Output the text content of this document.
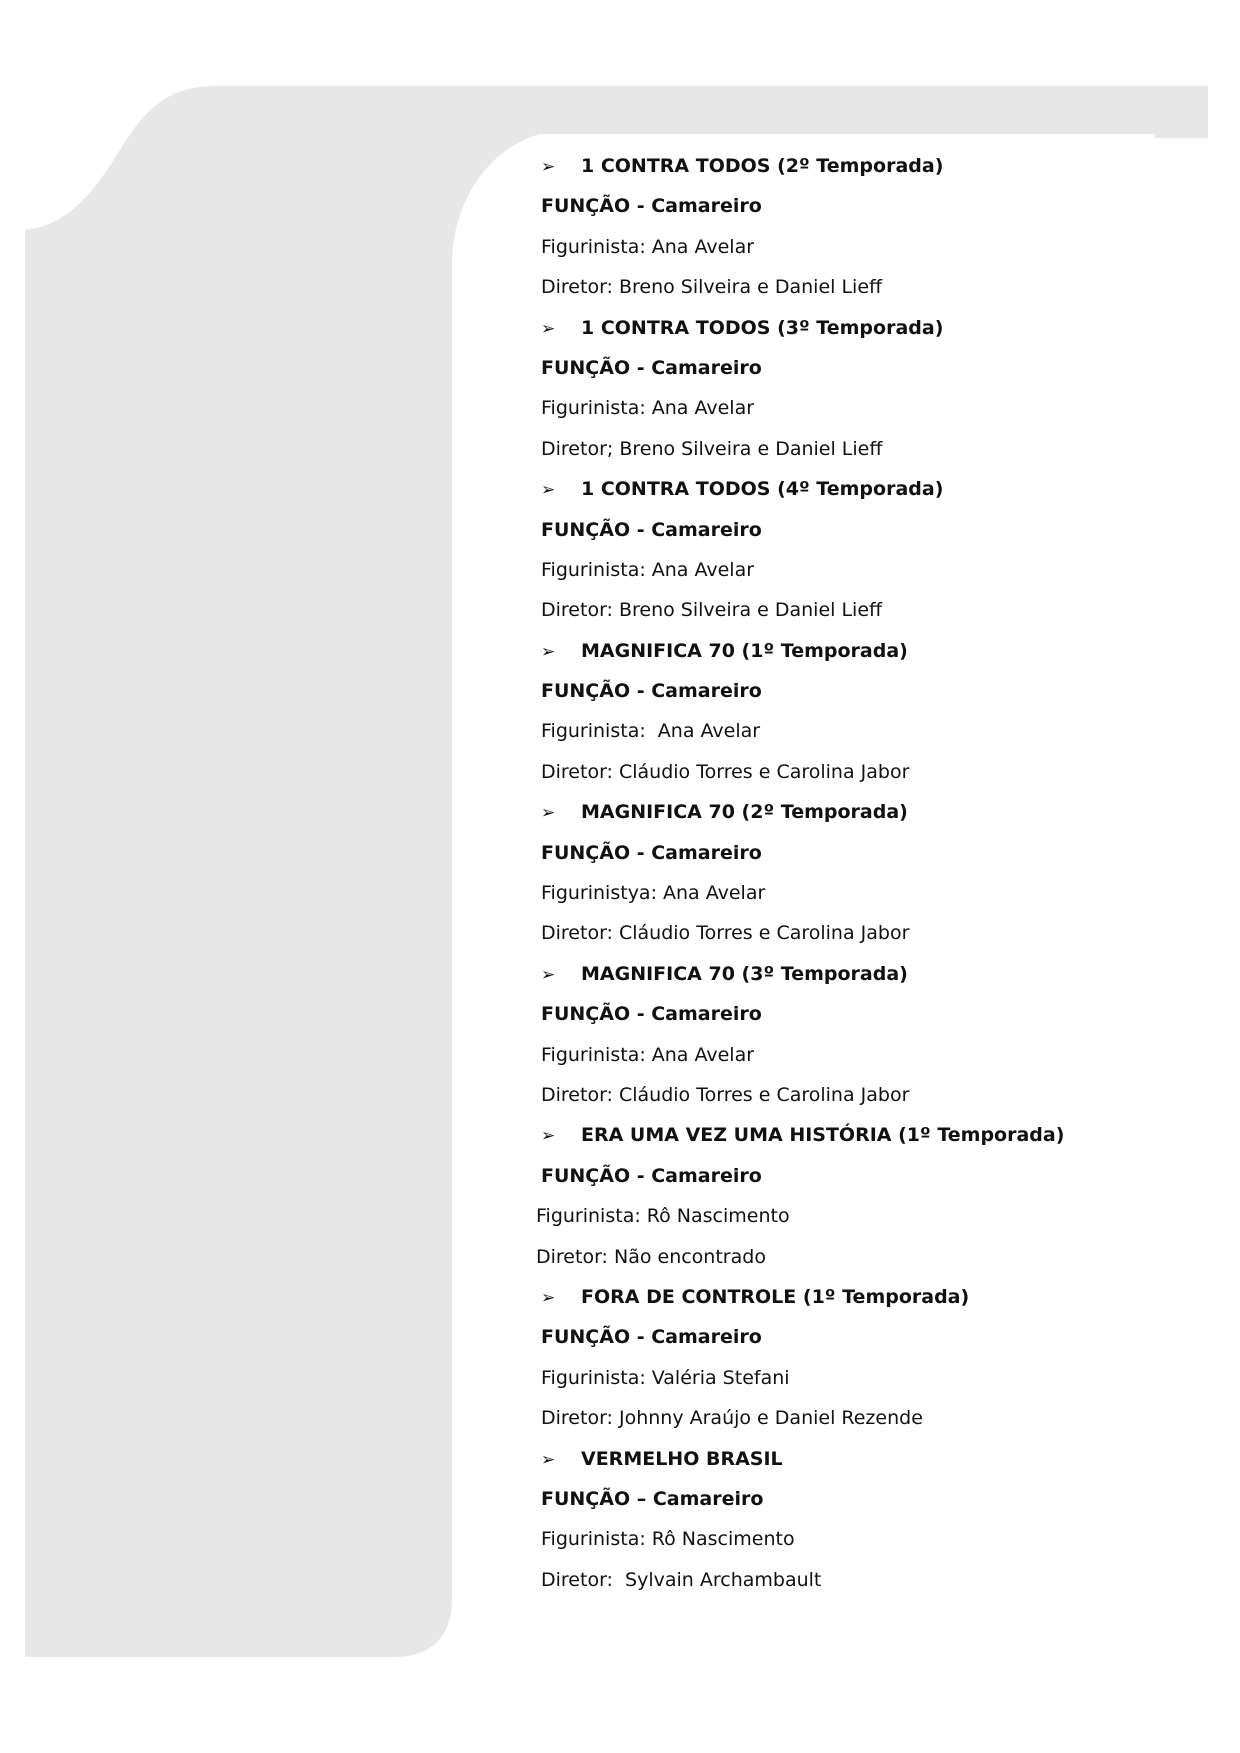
➢ 1 CONTRA TODOS (2º Temporada)
FUNÇÃO - Camareiro
Figurinista: Ana Avelar
Diretor: Breno Silveira e Daniel Lieff
➢ 1 CONTRA TODOS (3º Temporada)
FUNÇÃO - Camareiro
Figurinista: Ana Avelar
Diretor; Breno Silveira e Daniel Lieff
➢ 1 CONTRA TODOS (4º Temporada)
FUNÇÃO - Camareiro
Figurinista: Ana Avelar
Diretor: Breno Silveira e Daniel Lieff
➢ MAGNIFICA 70 (1º Temporada)
FUNÇÃO - Camareiro
Figurinista:  Ana Avelar
Diretor: Cláudio Torres e Carolina Jabor
➢ MAGNIFICA 70 (2º Temporada)
FUNÇÃO - Camareiro
Figurinistya: Ana Avelar
Diretor: Cláudio Torres e Carolina Jabor
➢ MAGNIFICA 70 (3º Temporada)
FUNÇÃO - Camareiro
Figurinista: Ana Avelar
Diretor: Cláudio Torres e Carolina Jabor
➢ ERA UMA VEZ UMA HISTÓRIA (1º Temporada)
FUNÇÃO - Camareiro
Figurinista: Rô Nascimento
Diretor: Não encontrado
➢ FORA DE CONTROLE (1º Temporada)
FUNÇÃO - Camareiro
Figurinista: Valéria Stefani
Diretor: Johnny Araújo e Daniel Rezende
➢ VERMELHO BRASIL
FUNÇÃO – Camareiro
Figurinista: Rô Nascimento
Diretor:  Sylvain Archambault
